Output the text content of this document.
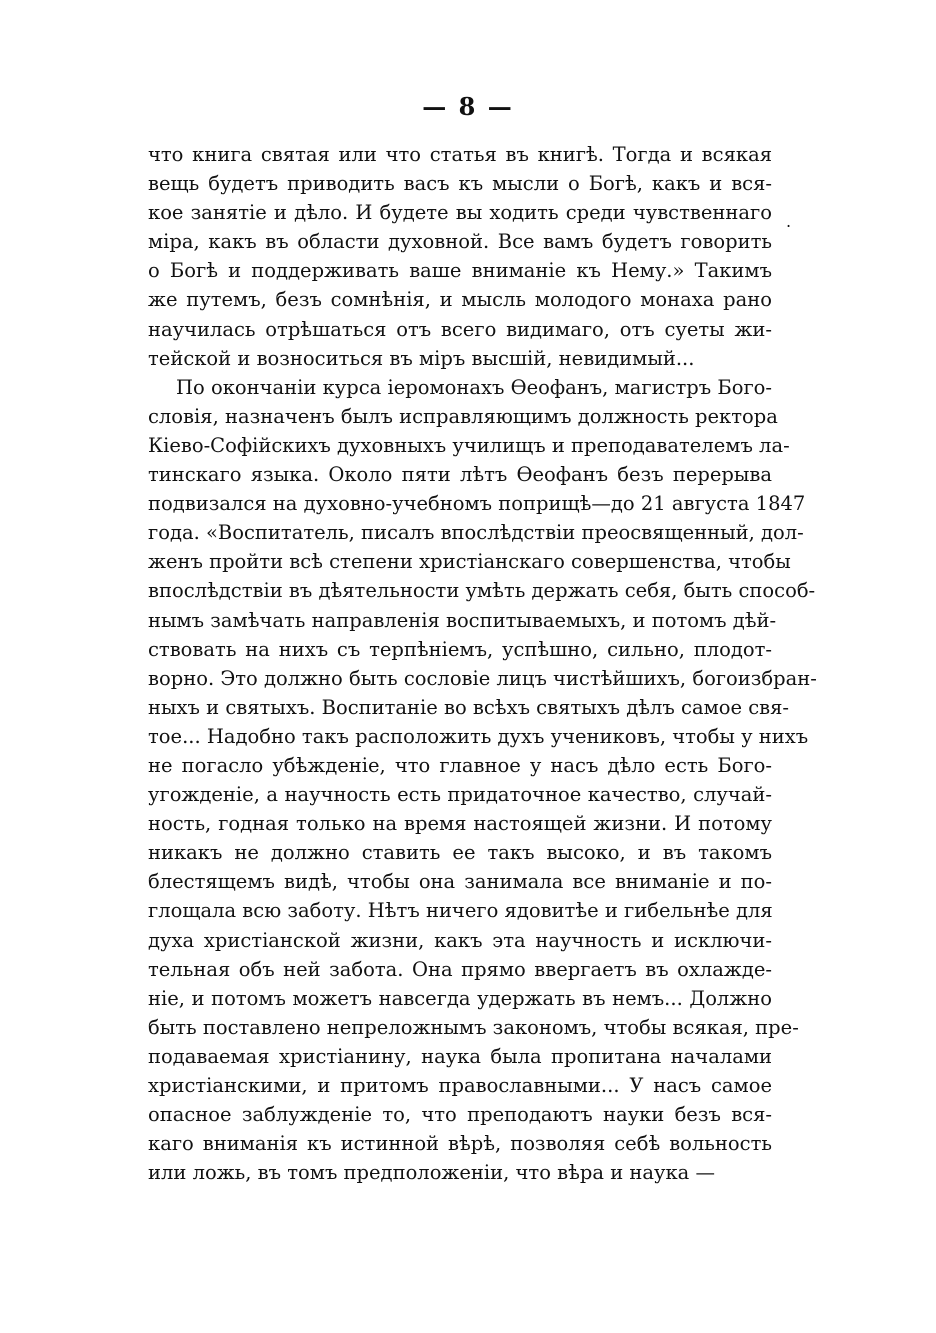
— 8 —
.
что книга святая или что статья въ книгѣ. Тогда и всякая
вещь будетъ приводить васъ къ мысли о Богѣ, какъ и вся-
кое занятіе и дѣло. И будете вы ходить среди чувственнаго
міра, какъ въ области духовной. Все вамъ будетъ говорить
о Богѣ и поддерживать ваше вниманіе къ Нему.» Такимъ
же путемъ, безъ сомнѣнія, и мысль молодого монаха рано
научилась отрѣшаться отъ всего видимаго, отъ суеты жи-
тейской и возноситься въ міръ высшій, невидимый...
По окончаніи курса іеромонахъ Ѳеофанъ, магистръ Бого-
словія, назначенъ былъ исправляющимъ должность ректора
Кіево-Софійскихъ духовныхъ училищъ и преподавателемъ ла-
тинскаго языка. Около пяти лѣтъ Ѳеофанъ безъ перерыва
подвизался на духовно-учебномъ поприщѣ—до 21 августа 1847
года. «Воспитатель, писалъ впослѣдствіи преосвященный, дол-
женъ пройти всѣ степени христіанскаго совершенства, чтобы
впослѣдствіи въ дѣятельности умѣть держать себя, быть способ-
нымъ замѣчать направленія воспитываемыхъ, и потомъ дѣй-
ствовать на нихъ съ терпѣніемъ, успѣшно, сильно, плодот-
ворно. Это должно быть сословіе лицъ чистѣйшихъ, богоизбран-
ныхъ и святыхъ. Воспитаніе во всѣхъ святыхъ дѣлъ самое свя-
тое... Надобно такъ расположить духъ учениковъ, чтобы у нихъ
не погасло убѣжденіе, что главное у насъ дѣло есть Бого-
угожденіе, а научность есть придаточное качество, случай-
ность, годная только на время настоящей жизни. И потому
никакъ не должно ставить ее такъ высоко, и въ такомъ
блестящемъ видѣ, чтобы она занимала все вниманіе и по-
глощала всю заботу. Нѣтъ ничего ядовитѣе и гибельнѣе для
духа христіанской жизни, какъ эта научность и исключи-
тельная объ ней забота. Она прямо ввергаетъ въ охлажде-
ніе, и потомъ можетъ навсегда удержать въ немъ... Должно
быть поставлено непреложнымъ закономъ, чтобы всякая, пре-
подаваемая христіанину, наука была пропитана началами
христіанскими, и притомъ православными... У насъ самое
опасное заблужденіе то, что преподаютъ науки безъ вся-
каго вниманія къ истинной вѣрѣ, позволяя себѣ вольность
или ложь, въ томъ предположеніи, что вѣра и наука —
